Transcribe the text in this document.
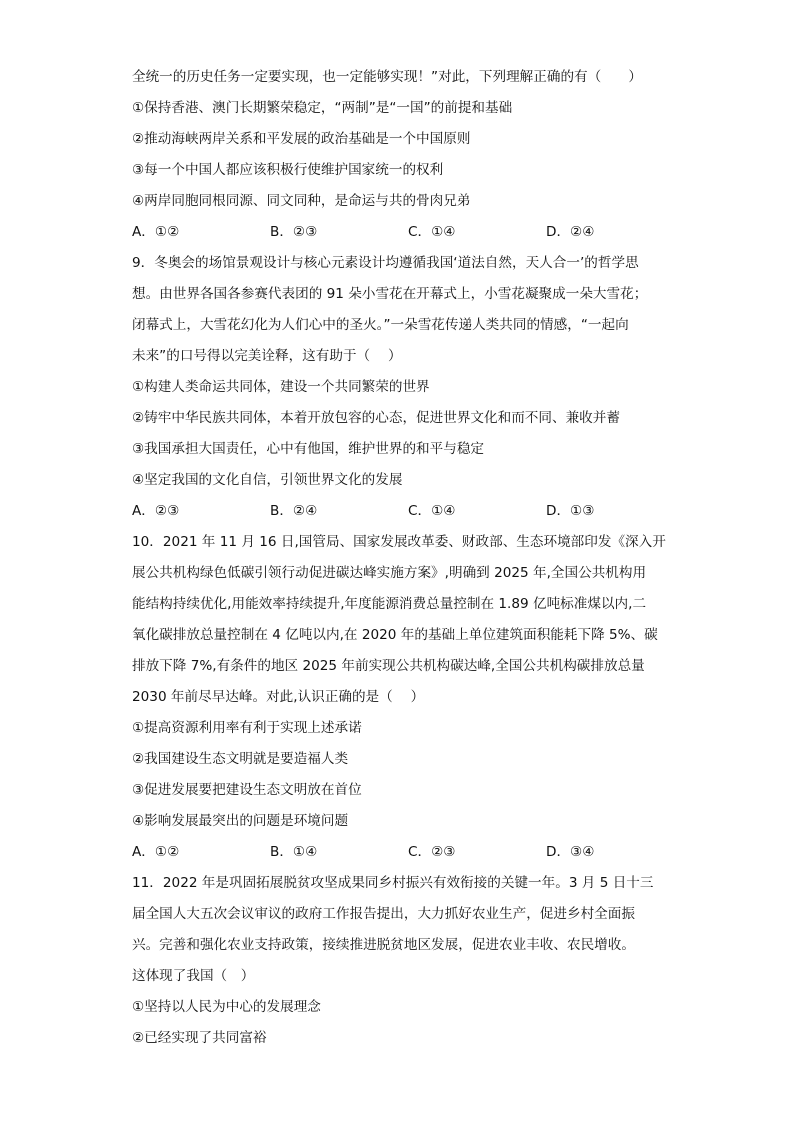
全统一的历史任务一定要实现，也一定能够实现！”对此，下列理解正确的有（　　）
①保持香港、澳门长期繁荣稳定，“两制”是“一国”的前提和基础
②推动海峡两岸关系和平发展的政治基础是一个中国原则
③每一个中国人都应该积极行使维护国家统一的权利
④两岸同胞同根同源、同文同种，是命运与共的骨肉兄弟
A．①②	B．②③	C．①④	D．②④
9．冬奥会的场馆景观设计与核心元素设计均遵循我国‘道法自然，天人合一’的哲学思
想。由世界各国各参赛代表团的 91 朵小雪花在开幕式上，小雪花凝聚成一朵大雪花；
闭幕式上，大雪花幻化为人们心中的圣火。”一朵雪花传递人类共同的情感，“一起向
未来”的口号得以完美诠释，这有助于（　 ）
①构建人类命运共同体，建设一个共同繁荣的世界
②铸牢中华民族共同体，本着开放包容的心态，促进世界文化和而不同、兼收并蓄
③我国承担大国责任，心中有他国，维护世界的和平与稳定
④坚定我国的文化自信，引领世界文化的发展
A．②③	B．②④	C．①④	D．①③
10．2021 年 11 月 16 日,国管局、国家发展改革委、财政部、生态环境部印发《深入开
展公共机构绿色低碳引领行动促进碳达峰实施方案》,明确到 2025 年,全国公共机构用
能结构持续优化,用能效率持续提升,年度能源消费总量控制在 1.89 亿吨标准煤以内,二
氧化碳排放总量控制在 4 亿吨以内,在 2020 年的基础上单位建筑面积能耗下降 5%、碳
排放下降 7%,有条件的地区 2025 年前实现公共机构碳达峰,全国公共机构碳排放总量
2030 年前尽早达峰。对此,认识正确的是（　 ）
①提高资源利用率有利于实现上述承诺
②我国建设生态文明就是要造福人类
③促进发展要把建设生态文明放在首位
④影响发展最突出的问题是环境问题
A．①②	B．①④	C．②③	D．③④
11．2022 年是巩固拓展脱贫攻坚成果同乡村振兴有效衔接的关键一年。3 月 5 日十三
届全国人大五次会议审议的政府工作报告提出，大力抓好农业生产，促进乡村全面振
兴。完善和强化农业支持政策，接续推进脱贫地区发展，促进农业丰收、农民增收。
这体现了我国（　）
①坚持以人民为中心的发展理念
②已经实现了共同富裕
